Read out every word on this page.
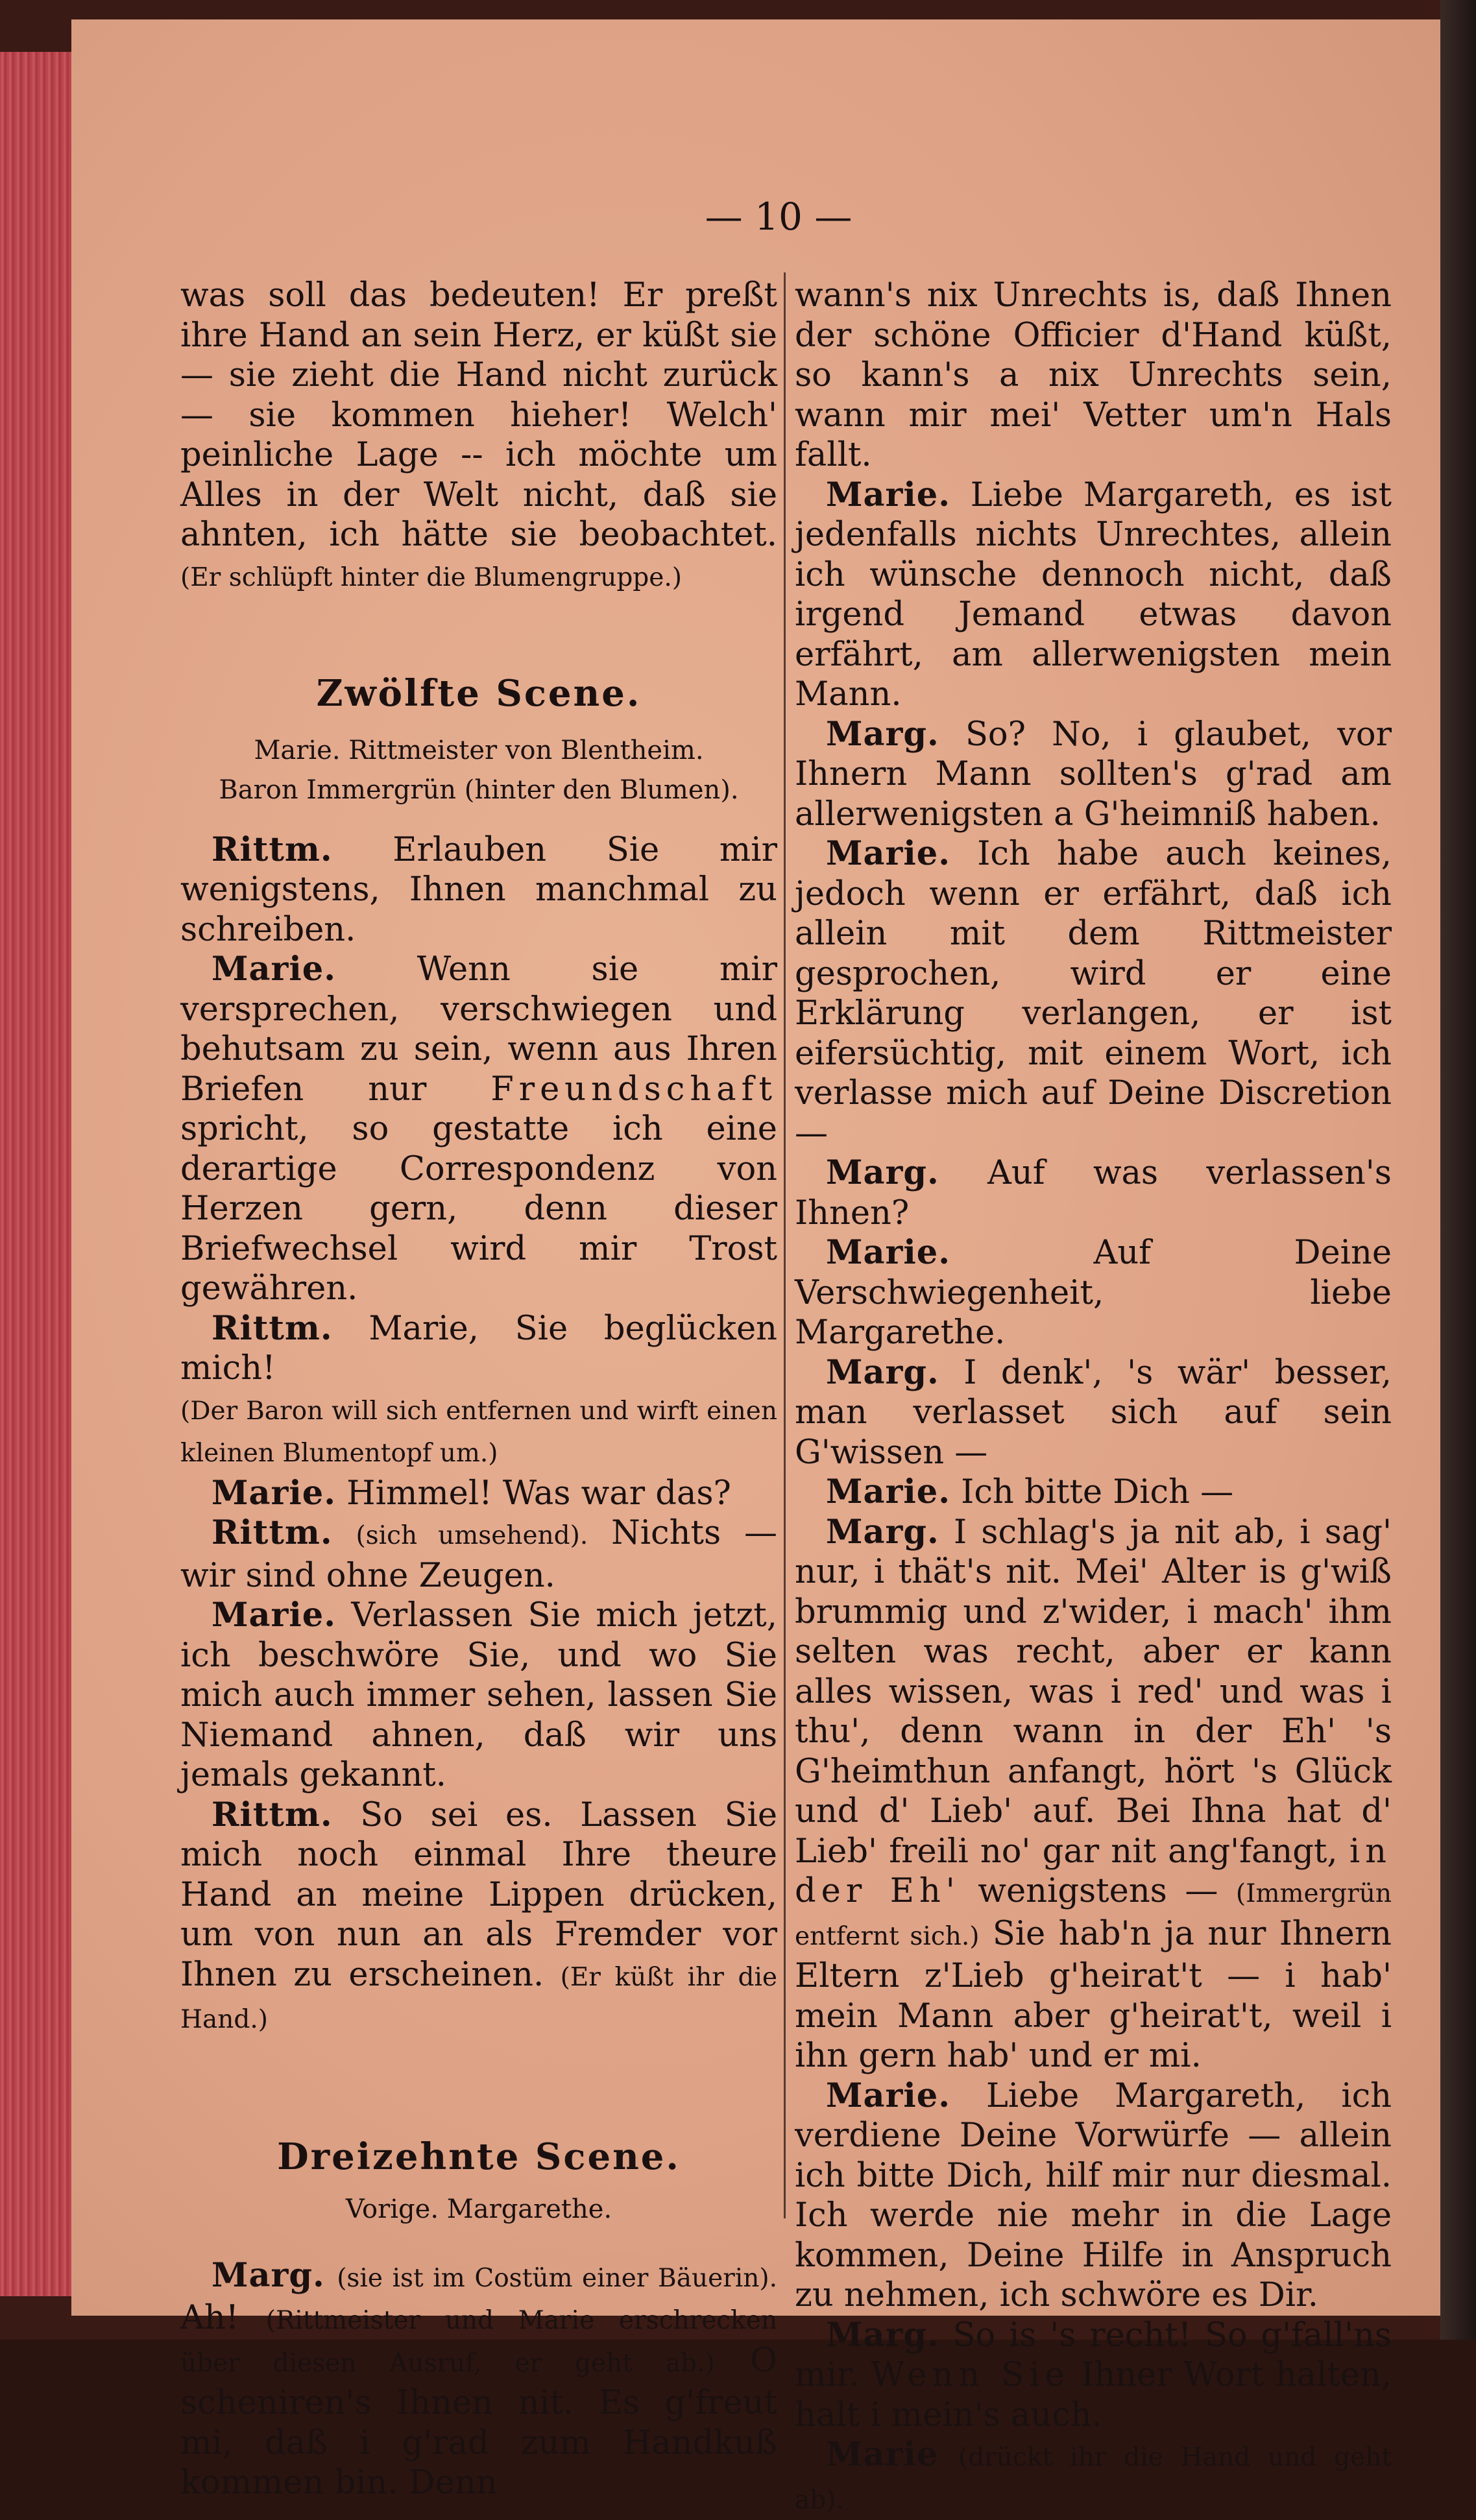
— 10 —

was soll das bedeuten! Er preßt ihre Hand an sein Herz, er küßt sie — sie zieht die Hand nicht zurück — sie kommen hieher! Welch' peinliche Lage -- ich möchte um Alles in der Welt nicht, daß sie ahnten, ich hätte sie beobachtet. (Er schlüpft hinter die Blumengruppe.)

Zwölfte Scene.

Marie. Rittmeister von Blentheim.

Baron Immergrün (hinter den Blumen).

Rittm. Erlauben Sie mir wenigstens, Ihnen manchmal zu schreiben.

Marie. Wenn sie mir versprechen, verschwiegen und behutsam zu sein, wenn aus Ihren Briefen nur Freundschaft spricht, so gestatte ich eine derartige Correspondenz von Herzen gern, denn dieser Briefwechsel wird mir Trost gewähren.

Rittm. Marie, Sie beglücken mich!

(Der Baron will sich entfernen und wirft einen kleinen Blumentopf um.)

Marie. Himmel! Was war das?

Rittm. (sich umsehend). Nichts — wir sind ohne Zeugen.

Marie. Verlassen Sie mich jetzt, ich beschwöre Sie, und wo Sie mich auch immer sehen, lassen Sie Niemand ahnen, daß wir uns jemals gekannt.

Rittm. So sei es. Lassen Sie mich noch einmal Ihre theure Hand an meine Lippen drücken, um von nun an als Fremder vor Ihnen zu erscheinen. (Er küßt ihr die Hand.)

Dreizehnte Scene.

Vorige. Margarethe.

Marg. (sie ist im Costüm einer Bäuerin). Ah! (Rittmeister und Marie erschrecken über diesen Ausruf, er geht ab.) O scheniren's Ihnen nit. Es g'freut mi, daß i g'rad zum Handkuß kommen bin. Denn

wann's nix Unrechts is, daß Ihnen der schöne Officier d'Hand küßt, so kann's a nix Unrechts sein, wann mir mei' Vetter um'n Hals fallt.

Marie. Liebe Margareth, es ist jedenfalls nichts Unrechtes, allein ich wünsche dennoch nicht, daß irgend Jemand etwas davon erfährt, am allerwenigsten mein Mann.

Marg. So? No, i glaubet, vor Ihnern Mann sollten's g'rad am allerwenigsten a G'heimniß haben.

Marie. Ich habe auch keines, jedoch wenn er erfährt, daß ich allein mit dem Rittmeister gesprochen, wird er eine Erklärung verlangen, er ist eifersüchtig, mit einem Wort, ich verlasse mich auf Deine Discretion —

Marg. Auf was verlassen's Ihnen?

Marie.	Auf Deine Verschwiegenheit, liebe Margarethe.

Marg. I denk', 's wär' besser, man verlasset sich auf sein G'wissen —

Marie. Ich bitte Dich —

Marg. I schlag's ja nit ab, i sag' nur, i thät's nit. Mei' Alter is g'wiß brummig und z'wider, i mach' ihm selten was recht, aber er kann alles wissen, was i red' und was i thu', denn wann in der Eh' 's G'heimthun anfangt, hört 's Glück und d' Lieb' auf. Bei Ihna hat d' Lieb' freili no' gar nit ang'fangt, in der Eh' wenigstens — (Immergrün entfernt sich.) Sie hab'n ja nur Ihnern Eltern z'Lieb g'heirat't — i hab' mein Mann aber g'heirat't, weil i ihn gern hab' und er mi.

Marie. Liebe Margareth, ich verdiene Deine Vorwürfe — allein ich bitte Dich, hilf mir nur diesmal. Ich werde nie mehr in die Lage kommen, Deine Hilfe in Anspruch zu nehmen, ich schwöre es Dir.

Marg. So is 's recht! So g'fall'ns mir. Wenn Sie Ihner Wort halten, halt i mein's auch.

Marie (drückt ihr die Hand und geht ab).
